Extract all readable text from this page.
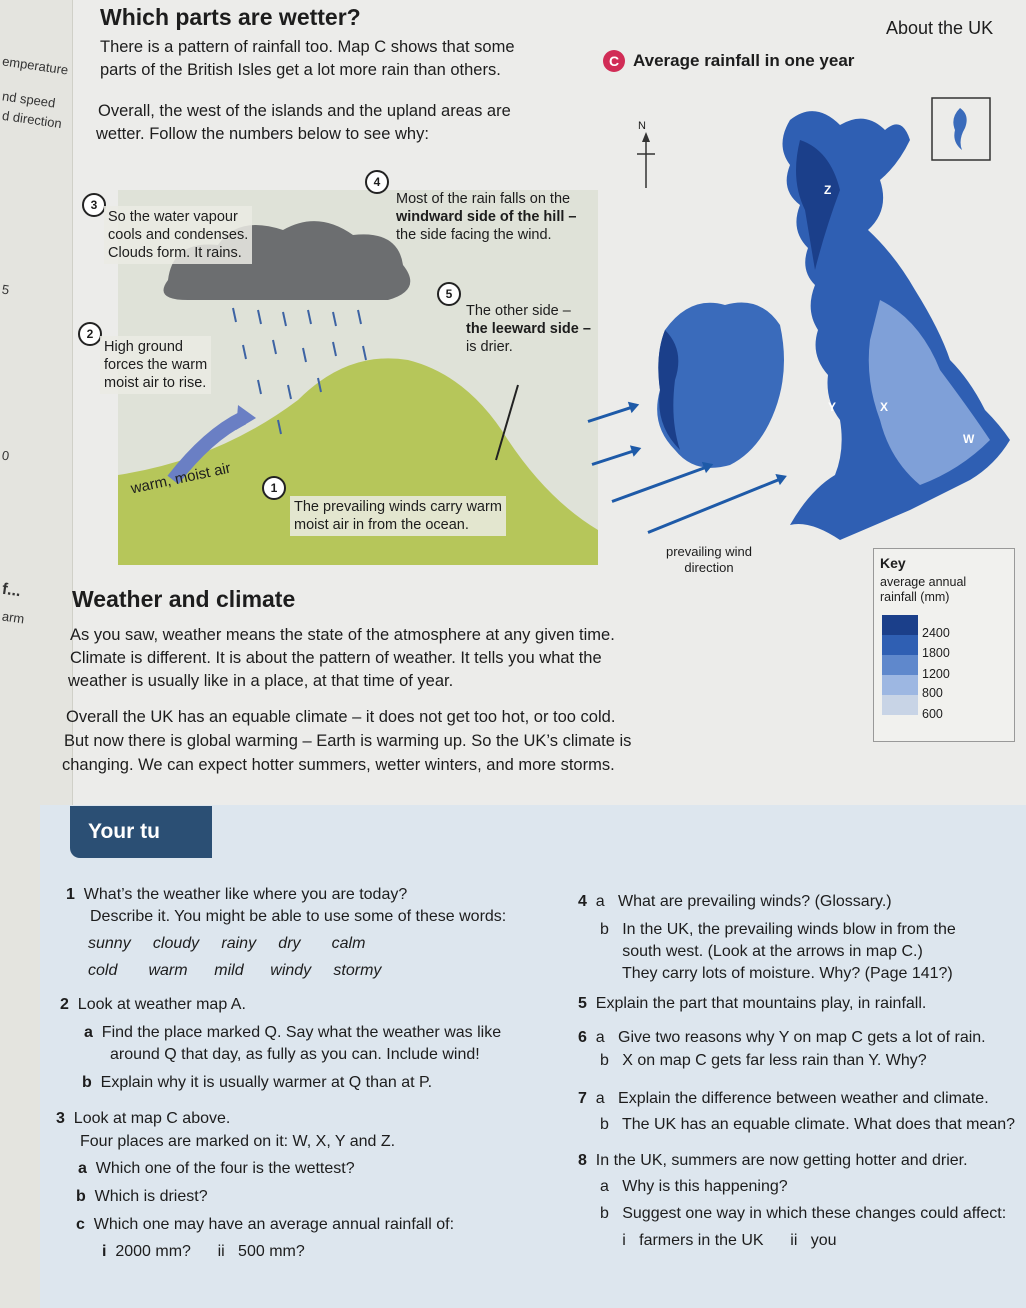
emperature
nd speed
d direction
5
0
f...
arm
Which parts are wetter?	About the UK
There is a pattern of rainfall too. Map C shows that some
parts of the British Isles get a lot more rain than others.
Overall, the west of the islands and the upland areas are
wetter. Follow the numbers below to see why:
4
Most of the rain falls on the
windward side of the hill –
the side facing the wind.
3
So the water vapour
cools and condenses.
Clouds form. It rains.
5
The other side –
the leeward side –
is drier.
2
High ground
forces the warm
moist air to rise.
warm, moist air	1
The prevailing winds carry warm
moist air in from the ocean.
C Average rainfall in one year
N
Z
Y	X
W
prevailing wind
direction	Key
average annual
rainfall (mm)
2400
1800
1200
800
600
Weather and climate
As you saw, weather means the state of the atmosphere at any given time.
Climate is different. It is about the pattern of weather. It tells you what the
weather is usually like in a place, at that time of year.
Overall the UK has an equable climate – it does not get too hot, or too cold.
But now there is global warming – Earth is warming up. So the UK’s climate is
changing. We can expect hotter summers, wetter winters, and more storms.
Your tu
1 What’s the weather like where you are today?
Describe it. You might be able to use some of these words:
sunny     cloudy     rainy     dry       calm
cold       warm      mild      windy     stormy
2 Look at weather map A.
a Find the place marked Q. Say what the weather was like
around Q that day, as fully as you can. Include wind!
b Explain why it is usually warmer at Q than at P.
3 Look at map C above.
Four places are marked on it: W, X, Y and Z.
a Which one of the four is the wettest?
b Which is driest?
c Which one may have an average annual rainfall of:
i 2000 mm?      ii   500 mm?
4 a   What are prevailing winds? (Glossary.)
b   In the UK, the prevailing winds blow in from the
south west. (Look at the arrows in map C.)
They carry lots of moisture. Why? (Page 141?)
5 Explain the part that mountains play, in rainfall.
6 a   Give two reasons why Y on map C gets a lot of rain.
b   X on map C gets far less rain than Y. Why?
7 a   Explain the difference between weather and climate.
b   The UK has an equable climate. What does that mean?
8 In the UK, summers are now getting hotter and drier.
a   Why is this happening?
b   Suggest one way in which these changes could affect:
i   farmers in the UK      ii   you
